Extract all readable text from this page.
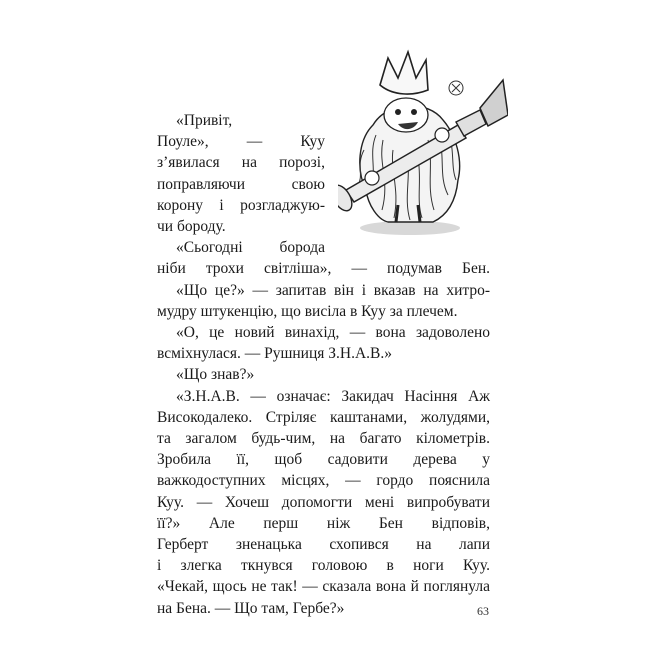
«Привіт,
Поуле», — Куу
з’явилася на порозі,
поправляючи свою
корону і розгладжую-
чи бороду.

«Сьогодні борода
ніби трохи світліша», — подумав Бен.

«Що це?» — запитав він і вказав на хитро-
мудру штукенцію, що висіла в Куу за плечем.

«О, це новий винахід, — вона задоволено
всміхнулася. — Рушниця З.Н.А.В.»

«Що знав?»

«З.Н.А.В. — означає: Закидач Насіння Аж
Високодалеко. Стріляє каштанами, жолудями,
та загалом будь-чим, на багато кілометрів.
Зробила її, щоб садовити дерева у
важкодоступних місцях, — гордо пояснила
Куу. — Хочеш допомогти мені випробувати
її?» Але перш ніж Бен відповів,
Герберт зненацька схопився на лапи
і злегка ткнувся головою в ноги Куу.
«Чекай, щось не так! — сказала вона й поглянула
на Бена. — Що там, Гербе?»	63
